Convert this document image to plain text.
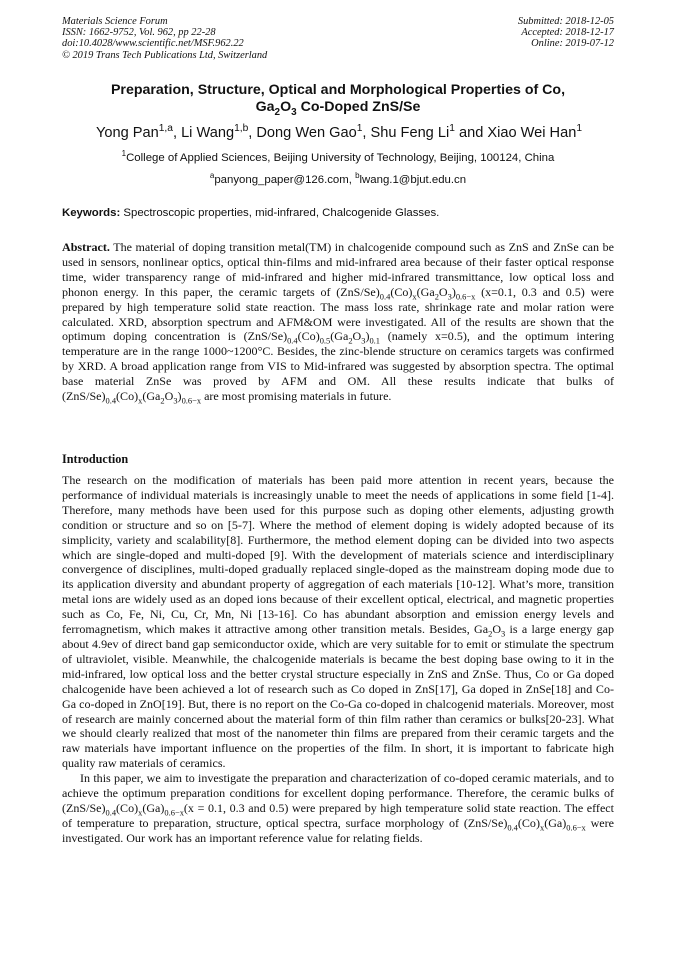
Materials Science Forum
ISSN: 1662-9752, Vol. 962, pp 22-28
doi:10.4028/www.scientific.net/MSF.962.22
© 2019 Trans Tech Publications Ltd, Switzerland
Submitted: 2018-12-05
Accepted: 2018-12-17
Online: 2019-07-12
Preparation, Structure, Optical and Morphological Properties of Co,
$Ga_2O_3$ Co-Doped ZnS/Se
Yong Pan$^{1,a}$, Li Wang$^{1,b}$, Dong Wen Gao$^1$, Shu Feng Li$^1$ and Xiao Wei Han$^1$
$^1$College of Applied Sciences, Beijing University of Technology, Beijing, 100124, China
$^a$panyong_paper@126.com, $^b$lwang.1@bjut.edu.cn
Keywords: Spectroscopic properties, mid-infrared, Chalcogenide Glasses.
Abstract. The material of doping transition metal(TM) in chalcogenide compound such as ZnS and ZnSe can be used in sensors, nonlinear optics, optical thin-films and mid-infrared area because of their faster optical response time, wider transparency range of mid-infrared and higher mid-infrared transmittance, low optical loss and phonon energy. In this paper, the ceramic targets of $(ZnS/Se)_{0.4}(Co)_x(Ga_2O_3)_{0.6-x}$ (x=0.1, 0.3 and 0.5) were prepared by high temperature solid state reaction. The mass loss rate, shrinkage rate and molar ration were calculated. XRD, absorption spectrum and AFM&OM were investigated. All of the results are shown that the optimum doping concentration is $(ZnS/Se)_{0.4}(Co)_{0.5}(Ga_2O_3)_{0.1}$ (namely x=0.5), and the optimum intering temperature are in the range 1000~1200°C. Besides, the zinc-blende structure on ceramics targets was confirmed by XRD. A broad application range from VIS to Mid-infrared was suggested by absorption spectra. The optimal base material ZnSe was proved by AFM and OM. All these results indicate that bulks of $(ZnS/Se)_{0.4}(Co)_x(Ga_2O_3)_{0.6-x}$ are most promising materials in future.
Introduction

The research on the modification of materials has been paid more attention in recent years, because the performance of individual materials is increasingly unable to meet the needs of applications in some field [1-4]. Therefore, many methods have been used for this purpose such as doping other elements, adjusting growth condition or structure and so on [5-7]. Where the method of element doping is widely adopted because of its simplicity, variety and scalability[8]. Furthermore, the method element doping can be divided into two aspects which are single-doped and multi-doped [9]. With the development of materials science and interdisciplinary convergence of disciplines, multi-doped gradually replaced single-doped as the mainstream doping mode due to its application diversity and abundant property of aggregation of each materials [10-12]. What’s more, transition metal ions are widely used as an doped ions because of their excellent optical, electrical, and magnetic properties such as Co, Fe, Ni, Cu, Cr, Mn, Ni [13-16]. Co has abundant absorption and emission energy levels and ferromagnetism, which makes it attractive among other transition metals. Besides, $Ga_2O_3$ is a large energy gap about 4.9ev of direct band gap semiconductor oxide, which are very suitable for to emit or stimulate the spectrum of ultraviolet, visible. Meanwhile, the chalcogenide materials is became the best doping base owing to it in the mid-infrared, low optical loss and the better crystal structure especially in ZnS and ZnSe. Thus, Co or Ga doped chalcogenide have been achieved a lot of research such as Co doped in ZnS[17], Ga doped in ZnSe[18] and Co-Ga co-doped in ZnO[19]. But, there is no report on the Co-Ga co-doped in chalcogenid materials. Moreover, most of research are mainly concerned about the material form of thin film rather than ceramics or bulks[20-23]. What we should clearly realized that most of the nanometer thin films are prepared from their ceramic targets and the raw materials have important influence on the properties of the film. In short, it is important to fabricate high quality raw materials of ceramics.

In this paper, we aim to investigate the preparation and characterization of co-doped ceramic materials, and to achieve the optimum preparation conditions for excellent doping performance. Therefore, the ceramic bulks of $(ZnS/Se)_{0.4}(Co)_x(Ga)_{0.6-x}(x = 0.1$, 0.3 and 0.5) were prepared by high temperature solid state reaction. The effect of temperature to preparation, structure, optical spectra, surface morphology of $(ZnS/Se)_{0.4}(Co)_x(Ga)_{0.6-x}$ were investigated. Our work has an important reference value for relating fields.
